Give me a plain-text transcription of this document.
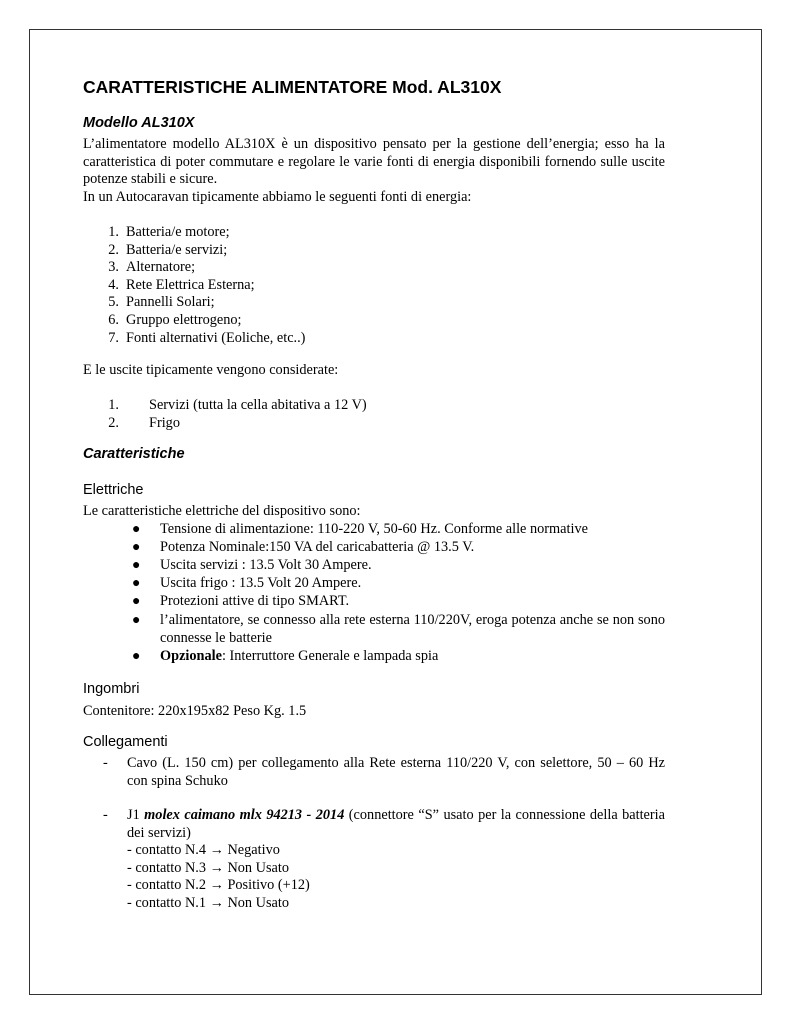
CARATTERISTICHE ALIMENTATORE Mod. AL310X
Modello AL310X

L’alimentatore modello AL310X è un dispositivo pensato per la gestione dell’energia; esso ha la caratteristica di poter commutare e regolare le varie fonti di energia disponibili fornendo sulle uscite potenze stabili e sicure.

In un Autocaravan tipicamente abbiamo le seguenti fonti di energia:
1. Batteria/e motore;
2. Batteria/e servizi;
3. Alternatore;
4. Rete Elettrica Esterna;
5. Pannelli Solari;
6. Gruppo elettrogeno;
7. Fonti alternativi (Eoliche, etc..)
E le uscite tipicamente vengono considerate:
1. Servizi (tutta la cella abitativa a 12 V)
2. Frigo
Caratteristiche
Elettriche
Le caratteristiche elettriche del dispositivo sono:
● Tensione di alimentazione: 110-220 V, 50-60 Hz. Conforme alle normative
● Potenza Nominale:150 VA del caricabatteria @ 13.5 V.
● Uscita servizi : 13.5 Volt 30 Ampere.
● Uscita frigo : 13.5 Volt 20 Ampere.
● Protezioni attive di tipo SMART.
● l’alimentatore, se connesso alla rete esterna 110/220V, eroga potenza anche se non sono connesse le batterie
● Opzionale: Interruttore Generale e lampada spia
Ingombri
Contenitore: 220x195x82 Peso Kg. 1.5
Collegamenti
- Cavo (L. 150 cm) per collegamento alla Rete esterna 110/220 V, con selettore, 50 – 60 Hz con spina Schuko
- J1 molex caimano mlx 94213 - 2014 (connettore “S” usato per la connessione della batteria dei servizi)
- contatto N.4 → Negativo
- contatto N.3 → Non Usato
- contatto N.2 → Positivo (+12)
- contatto N.1 → Non Usato
